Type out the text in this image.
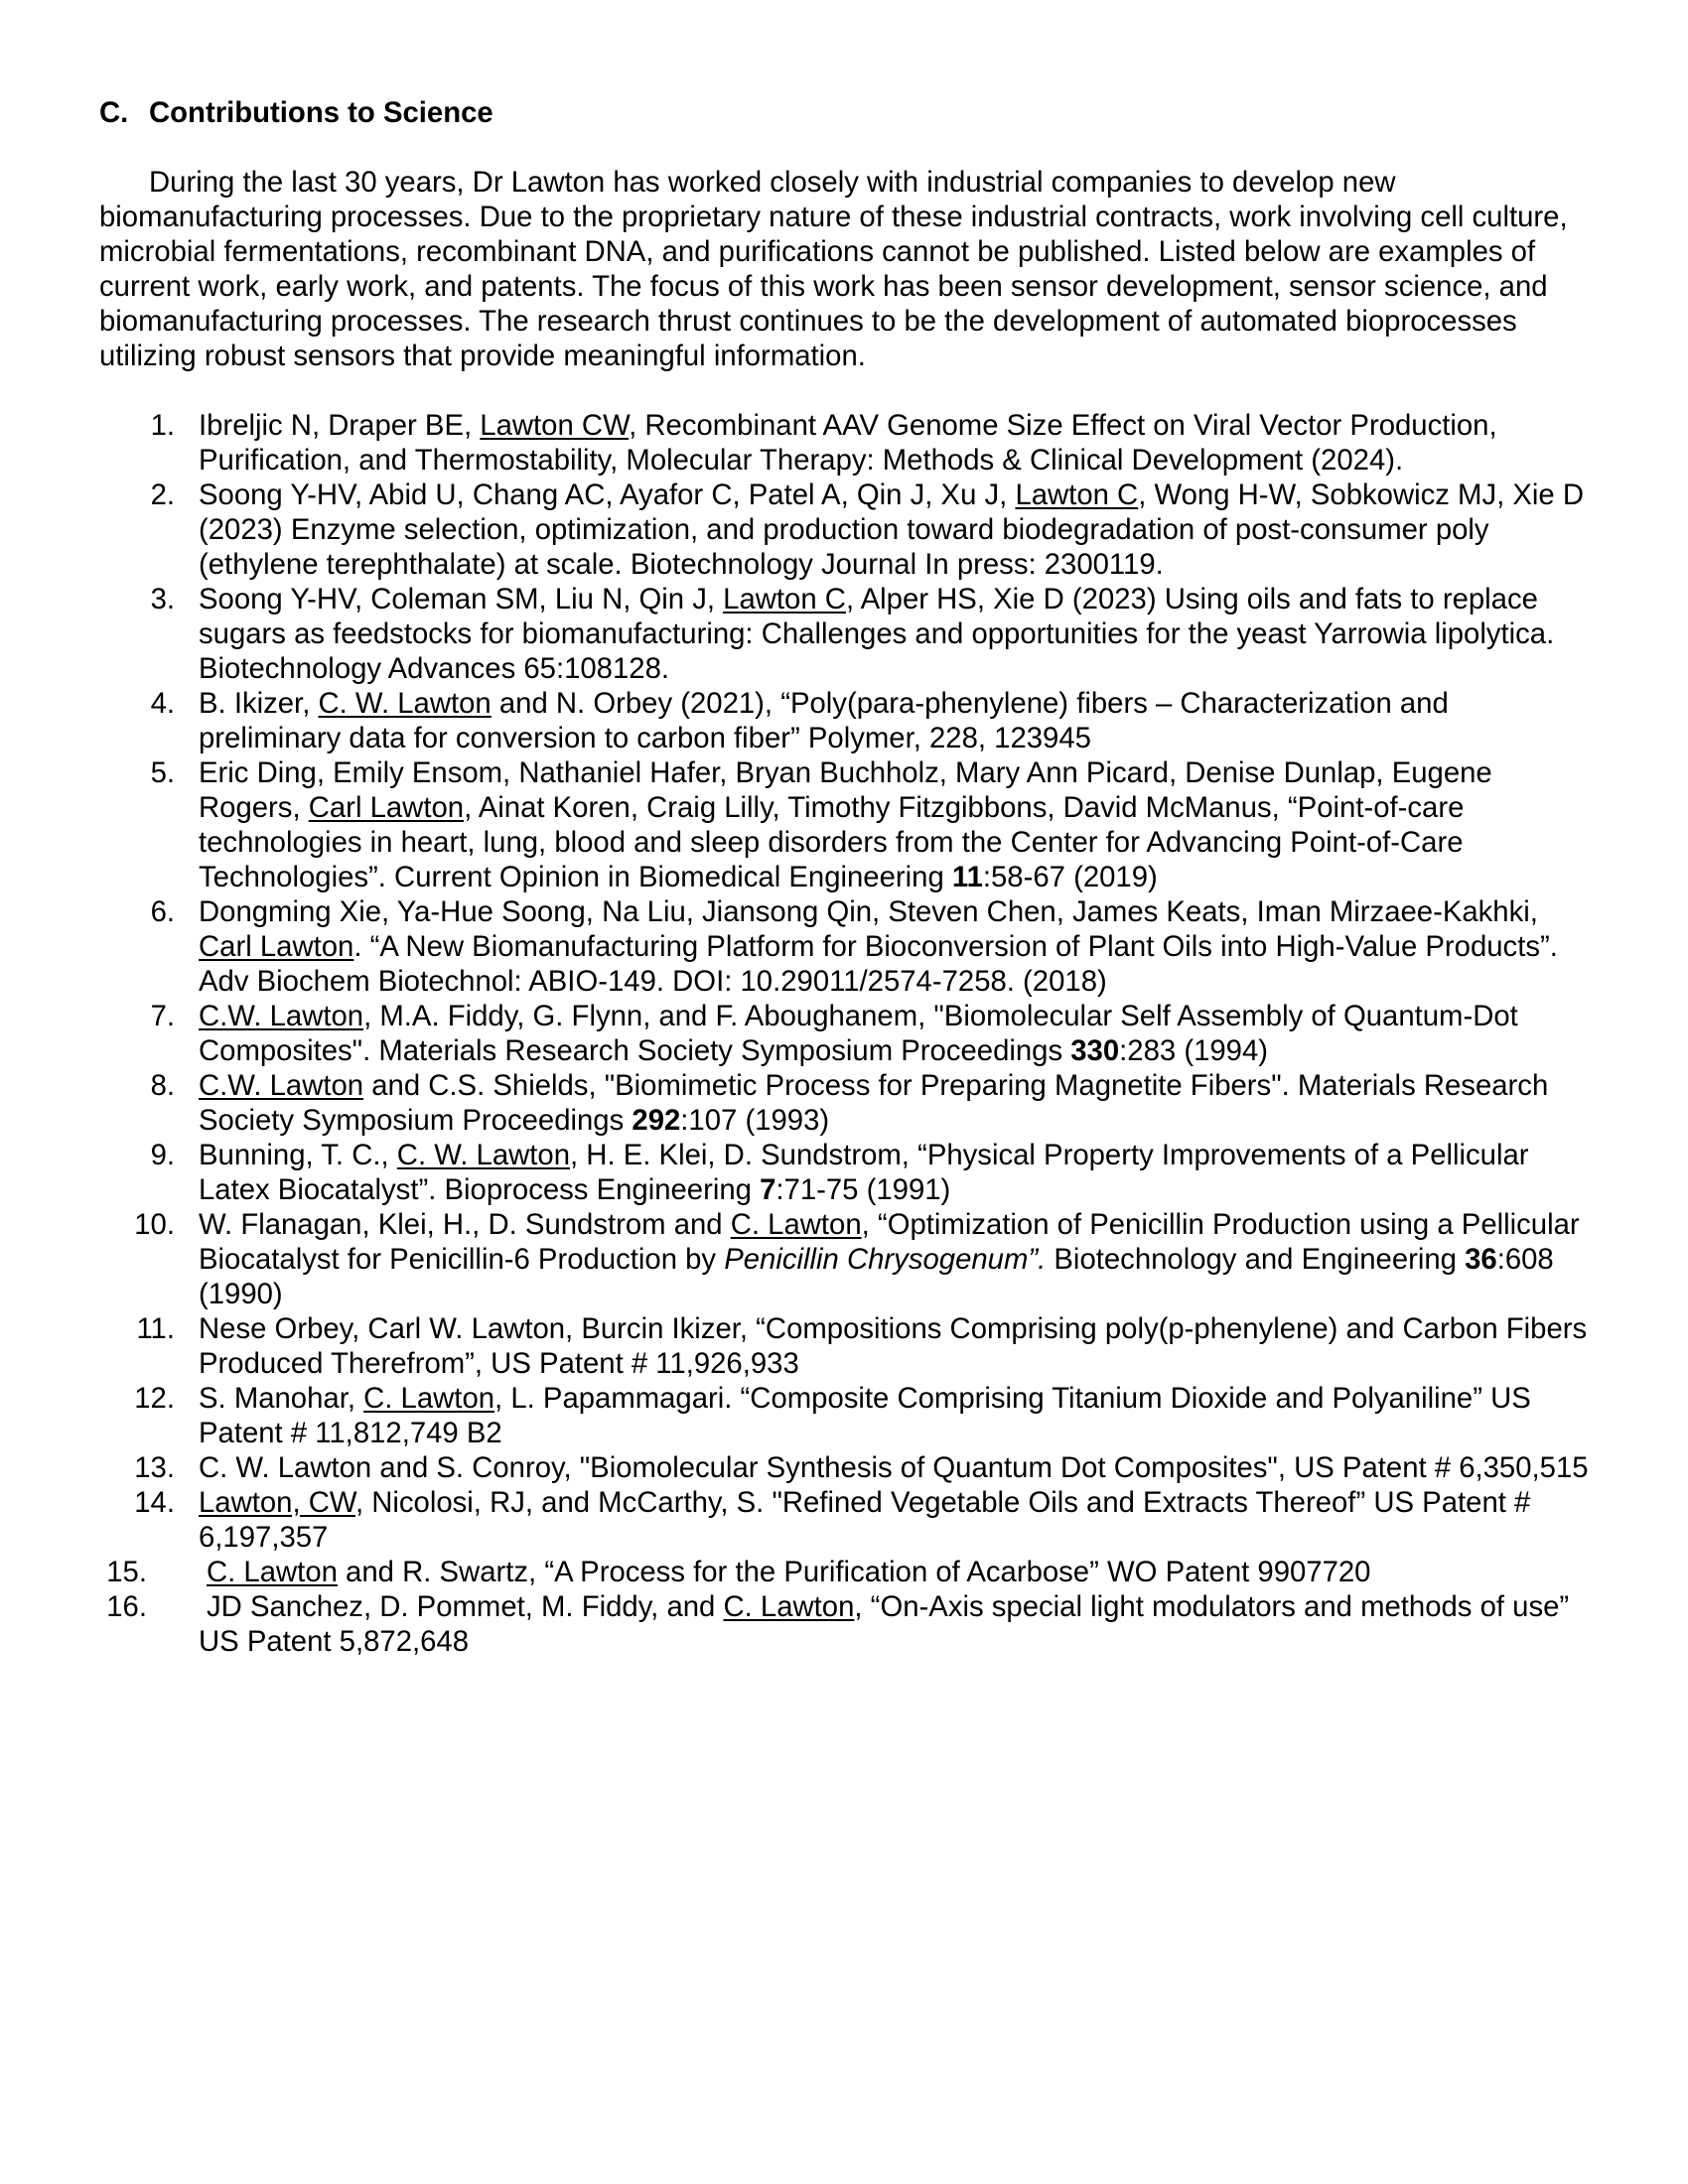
C. Contributions to Science

During the last 30 years, Dr Lawton has worked closely with industrial companies to develop new biomanufacturing processes. Due to the proprietary nature of these industrial contracts, work involving cell culture, microbial fermentations, recombinant DNA, and purifications cannot be published. Listed below are examples of current work, early work, and patents. The focus of this work has been sensor development, sensor science, and biomanufacturing processes. The research thrust continues to be the development of automated bioprocesses utilizing robust sensors that provide meaningful information.

1. Ibreljic N, Draper BE, Lawton CW, Recombinant AAV Genome Size Effect on Viral Vector Production, Purification, and Thermostability, Molecular Therapy: Methods & Clinical Development (2024).
2. Soong Y-HV, Abid U, Chang AC, Ayafor C, Patel A, Qin J, Xu J, Lawton C, Wong H-W, Sobkowicz MJ, Xie D (2023) Enzyme selection, optimization, and production toward biodegradation of post-consumer poly (ethylene terephthalate) at scale. Biotechnology Journal In press: 2300119.
3. Soong Y-HV, Coleman SM, Liu N, Qin J, Lawton C, Alper HS, Xie D (2023) Using oils and fats to replace sugars as feedstocks for biomanufacturing: Challenges and opportunities for the yeast Yarrowia lipolytica. Biotechnology Advances 65:108128.
4. B. Ikizer, C. W. Lawton and N. Orbey (2021), “Poly(para-phenylene) fibers – Characterization and preliminary data for conversion to carbon fiber” Polymer, 228, 123945
5. Eric Ding, Emily Ensom, Nathaniel Hafer, Bryan Buchholz, Mary Ann Picard, Denise Dunlap, Eugene Rogers, Carl Lawton, Ainat Koren, Craig Lilly, Timothy Fitzgibbons, David McManus, “Point-of-care technologies in heart, lung, blood and sleep disorders from the Center for Advancing Point-of-Care Technologies”. Current Opinion in Biomedical Engineering 11:58-67 (2019)
6. Dongming Xie, Ya-Hue Soong, Na Liu, Jiansong Qin, Steven Chen, James Keats, Iman Mirzaee-Kakhki, Carl Lawton. “A New Biomanufacturing Platform for Bioconversion of Plant Oils into High-Value Products”. Adv Biochem Biotechnol: ABIO-149. DOI: 10.29011/2574-7258. (2018)
7. C.W. Lawton, M.A. Fiddy, G. Flynn, and F. Aboughanem, "Biomolecular Self Assembly of Quantum-Dot Composites". Materials Research Society Symposium Proceedings 330:283 (1994)
8. C.W. Lawton and C.S. Shields, "Biomimetic Process for Preparing Magnetite Fibers". Materials Research Society Symposium Proceedings 292:107 (1993)
9. Bunning, T. C., C. W. Lawton, H. E. Klei, D. Sundstrom, “Physical Property Improvements of a Pellicular Latex Biocatalyst”. Bioprocess Engineering 7:71-75 (1991)
10. W. Flanagan, Klei, H., D. Sundstrom and C. Lawton, “Optimization of Penicillin Production using a Pellicular Biocatalyst for Penicillin-6 Production by Penicillin Chrysogenum”. Biotechnology and Engineering 36:608 (1990)
11. Nese Orbey, Carl W. Lawton, Burcin Ikizer, “Compositions Comprising poly(p-phenylene) and Carbon Fibers Produced Therefrom”, US Patent # 11,926,933
12. S. Manohar, C. Lawton, L. Papammagari. “Composite Comprising Titanium Dioxide and Polyaniline” US Patent # 11,812,749 B2
13. C. W. Lawton and S. Conroy, "Biomolecular Synthesis of Quantum Dot Composites", US Patent # 6,350,515
14. Lawton, CW, Nicolosi, RJ, and McCarthy, S. "Refined Vegetable Oils and Extracts Thereof” US Patent # 6,197,357
15. C. Lawton and R. Swartz, “A Process for the Purification of Acarbose” WO Patent 9907720
16. JD Sanchez, D. Pommet, M. Fiddy, and C. Lawton, “On-Axis special light modulators and methods of use” US Patent 5,872,648
